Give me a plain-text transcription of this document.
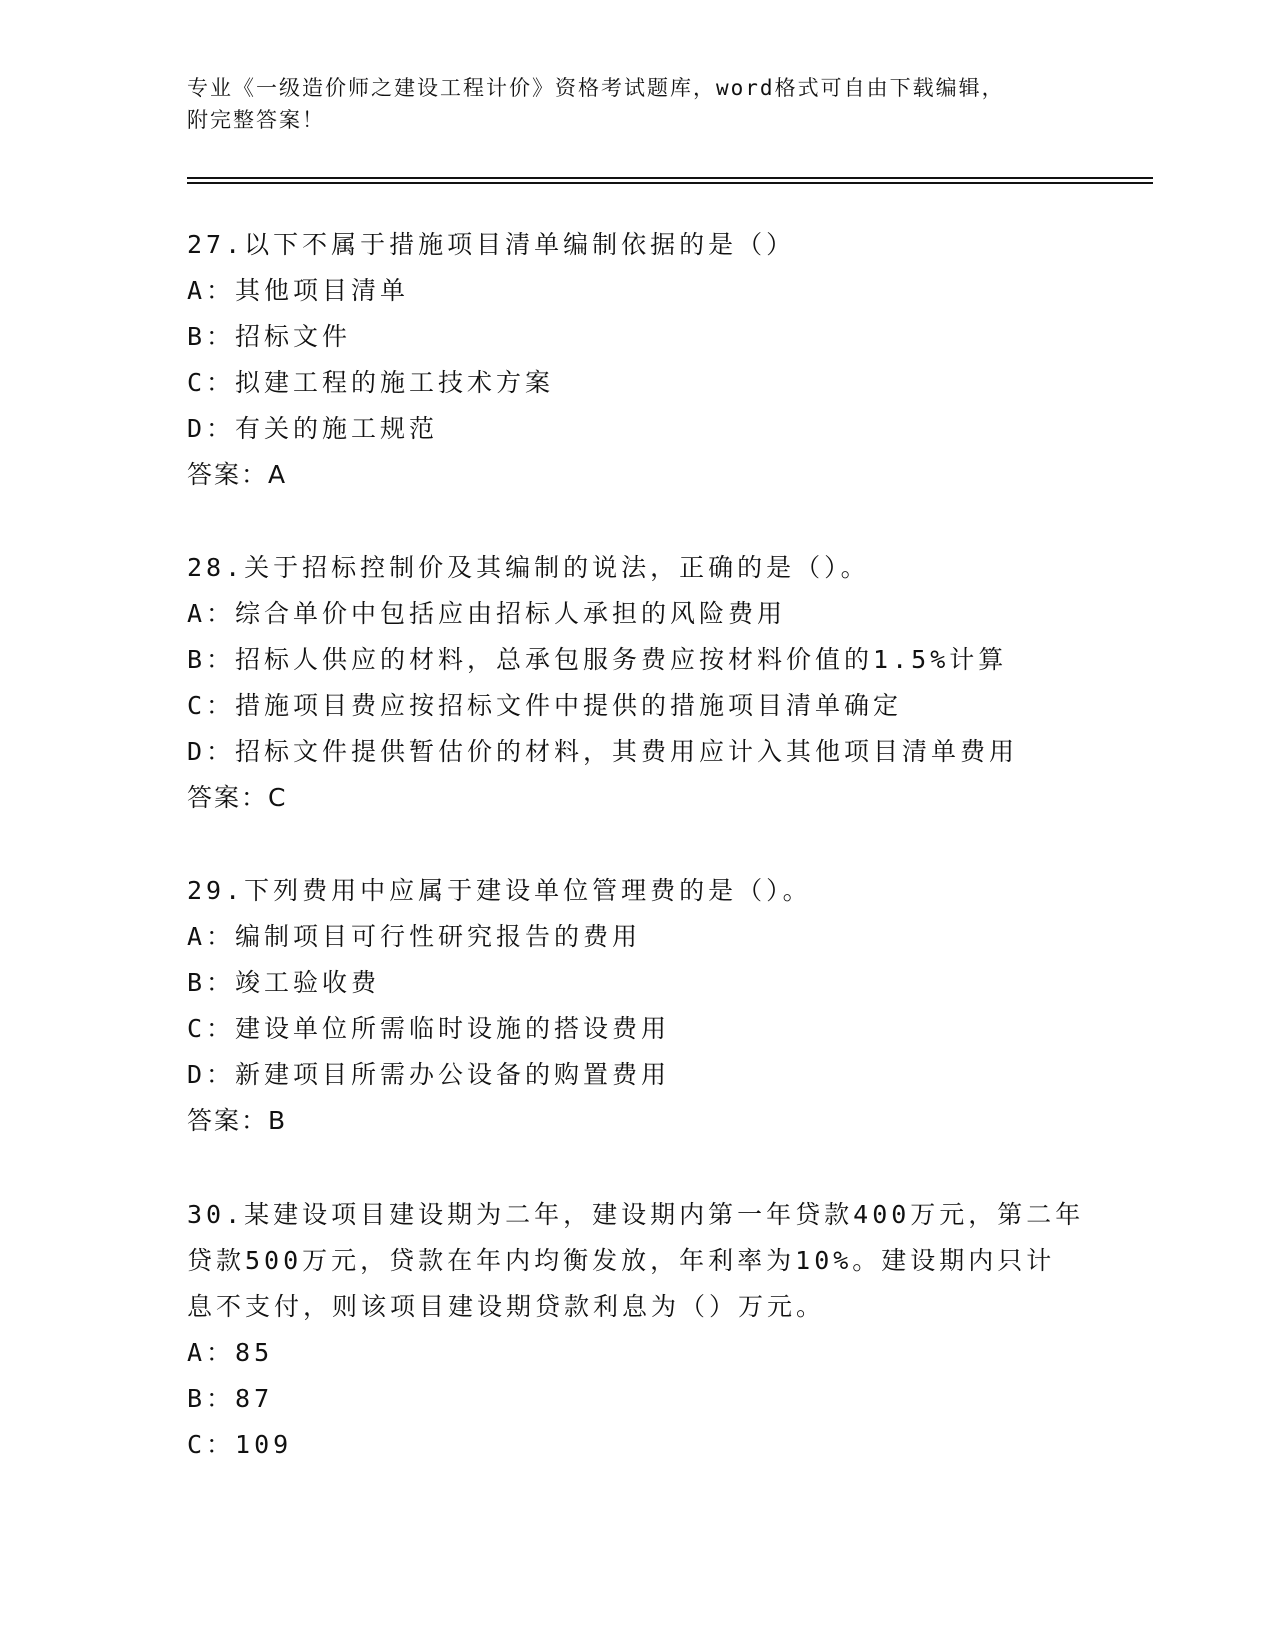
专业《一级造价师之建设工程计价》资格考试题库，word格式可自由下载编辑，
附完整答案！
27.以下不属于措施项目清单编制依据的是（）
A：其他项目清单
B：招标文件
C：拟建工程的施工技术方案
D：有关的施工规范
答案：A
28.关于招标控制价及其编制的说法，正确的是（）。
A：综合单价中包括应由招标人承担的风险费用
B：招标人供应的材料，总承包服务费应按材料价值的1.5%计算
C：措施项目费应按招标文件中提供的措施项目清单确定
D：招标文件提供暂估价的材料，其费用应计入其他项目清单费用
答案：C
29.下列费用中应属于建设单位管理费的是（）。
A：编制项目可行性研究报告的费用
B：竣工验收费
C：建设单位所需临时设施的搭设费用
D：新建项目所需办公设备的购置费用
答案：B
30.某建设项目建设期为二年，建设期内第一年贷款400万元，第二年
贷款500万元，贷款在年内均衡发放，年利率为10%。建设期内只计
息不支付，则该项目建设期贷款利息为（）万元。
A：85
B：87
C：109
